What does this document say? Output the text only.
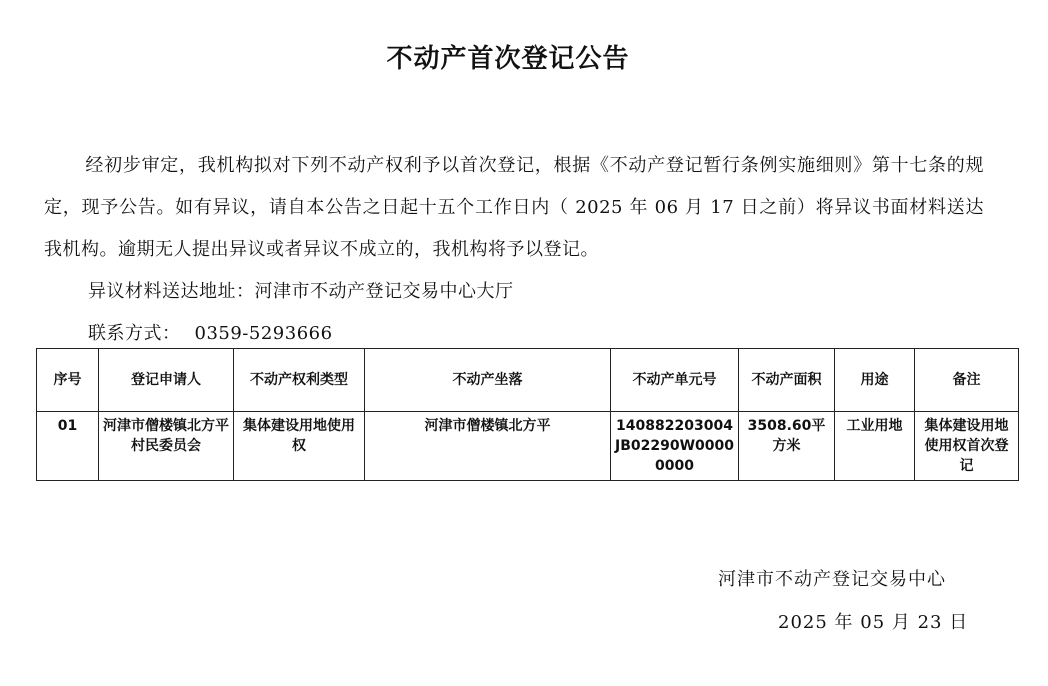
不动产首次登记公告

经初步审定，我机构拟对下列不动产权利予以首次登记，根据《不动产登记暂行条例实施细则》第十七条的规定，现予公告。如有异议，请自本公告之日起十五个工作日内（ 2025 年 06 月 17 日之前）将异议书面材料送达我机构。逾期无人提出异议或者异议不成立的，我机构将予以登记。

异议材料送达地址：河津市不动产登记交易中心大厅

联系方式： 0359-5293666

序号	登记申请人	不动产权利类型	不动产坐落	不动产单元号	不动产面积	用途	备注
01	河津市僧楼镇北方平村民委员会	集体建设用地使用权	河津市僧楼镇北方平	140882203004JB02290W00000000	3508.60平方米	工业用地	集体建设用地使用权首次登记
河津市不动产登记交易中心
2025 年 05 月 23 日
